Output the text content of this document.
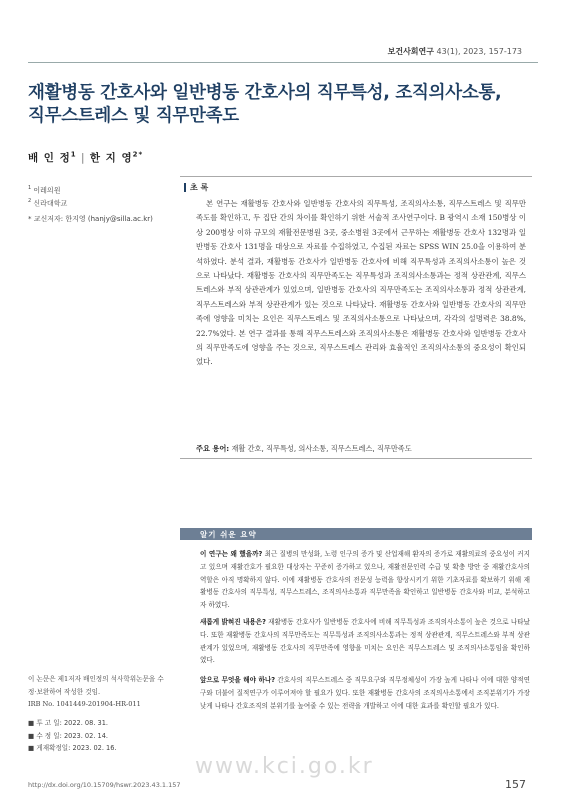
보건사회연구 43(1), 2023, 157-173
재활병동 간호사와 일반병동 간호사의 직무특성, 조직의사소통,
직무스트레스 및 직무만족도
배 인 정$^1$ | 한 지 영$^{2*}$
$^1$ 이레의원
$^2$ 신라대학교
* 교신저자: 한지영 (hanjy@silla.ac.kr)
초 록
본 연구는 재활병동 간호사와 일반병동 간호사의 직무특성, 조직의사소통, 직무스트레스 및 직무만족도를 확인하고, 두 집단 간의 차이를 확인하기 위한 서술적 조사연구이다. B 광역시 소재 150병상 이상 200병상 이하 규모의 재활전문병원 3곳, 중소병원 3곳에서 근무하는 재활병동 간호사 132명과 일반병동 간호사 131명을 대상으로 자료를 수집하였고, 수집된 자료는 SPSS WIN 25.0을 이용하여 분석하였다. 분석 결과, 재활병동 간호사가 일반병동 간호사에 비해 직무특성과 조직의사소통이 높은 것으로 나타났다. 재활병동 간호사의 직무만족도는 직무특성과 조직의사소통과는 정적 상관관계, 직무스트레스와 부적 상관관계가 있었으며, 일반병동 간호사의 직무만족도는 조직의사소통과 정적 상관관계, 직무스트레스와 부적 상관관계가 있는 것으로 나타났다. 재활병동 간호사와 일반병동 간호사의 직무만족에 영향을 미치는 요인은 직무스트레스 및 조직의사소통으로 나타났으며, 각각의 설명력은 38.8%, 22.7%였다. 본 연구 결과를 통해 직무스트레스와 조직의사소통은 재활병동 간호사와 일반병동 간호사의 직무만족도에 영향을 주는 것으로, 직무스트레스 관리와 효율적인 조직의사소통의 중요성이 확인되었다.
주요 용어: 재활 간호, 직무특성, 의사소통, 직무스트레스, 직무만족도
알기 쉬운 요약
이 연구는 왜 했을까? 최근 질병의 만성화, 노령 인구의 증가 및 산업재해 환자의 증가로 재활의료의 중요성이 커지고 있으며 재활간호가 필요한 대상자는 꾸준히 증가하고 있으나, 재활전문인력 수급 및 확충 방안 중 재활간호사의 역할은 아직 명확하지 않다. 이에 재활병동 간호사의 전문성 능력을 향상시키기 위한 기초자료를 확보하기 위해 재활병동 간호사의 직무특성, 직무스트레스, 조직의사소통과 직무만족을 확인하고 일반병동 간호사와 비교, 분석하고자 하였다.
새롭게 밝혀진 내용은? 재활병동 간호사가 일반병동 간호사에 비해 직무특성과 조직의사소통이 높은 것으로 나타났다. 또한 재활병동 간호사의 직무만족도는 직무특성과 조직의사소통과는 정적 상관관계, 직무스트레스와 부적 상관관계가 있었으며, 재활병동 간호사의 직무만족에 영향을 미치는 요인은 직무스트레스 및 조직의사소통임을 확인하였다.
앞으로 무엇을 해야 하나? 간호사의 직무스트레스 중 직무요구와 직무정체성이 가장 높게 나타나 이에 대한 양적연구와 더불어 질적연구가 이루어져야 할 필요가 있다. 또한 재활병동 간호사의 조직의사소통에서 조직분위기가 가장 낮게 나타나 간호조직의 분위기를 높여줄 수 있는 전략을 개발하고 이에 대한 효과를 확인할 필요가 있다.
이 논문은 제1저자 배인정의 석사학위논문을 수정·보완하여 작성한 것임.
IRB No. 1041449-201904-HR-011
■ 투 고 일: 2022. 08. 31.
■ 수 정 일: 2023. 02. 14.
■ 게재확정일: 2023. 02. 16.
www.kci.go.kr
http://dx.doi.org/10.15709/hswr.2023.43.1.157	157
